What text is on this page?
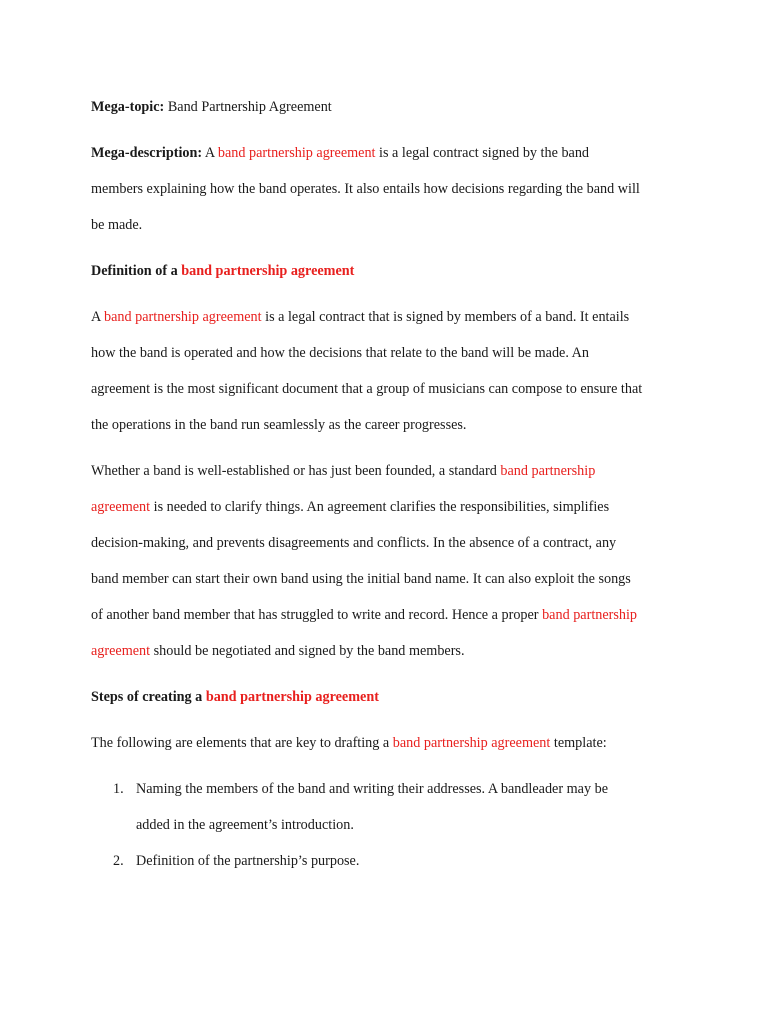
Mega-topic: Band Partnership Agreement

Mega-description: A band partnership agreement is a legal contract signed by the band
members explaining how the band operates. It also entails how decisions regarding the band will
be made.

Definition of a band partnership agreement

A band partnership agreement is a legal contract that is signed by members of a band. It entails
how the band is operated and how the decisions that relate to the band will be made. An
agreement is the most significant document that a group of musicians can compose to ensure that
the operations in the band run seamlessly as the career progresses.

Whether a band is well-established or has just been founded, a standard band partnership
agreement is needed to clarify things. An agreement clarifies the responsibilities, simplifies
decision-making, and prevents disagreements and conflicts. In the absence of a contract, any
band member can start their own band using the initial band name. It can also exploit the songs
of another band member that has struggled to write and record. Hence a proper band partnership
agreement should be negotiated and signed by the band members.

Steps of creating a band partnership agreement

The following are elements that are key to drafting a band partnership agreement template:

1. Naming the members of the band and writing their addresses. A bandleader may be
added in the agreement’s introduction.
2. Definition of the partnership’s purpose.
